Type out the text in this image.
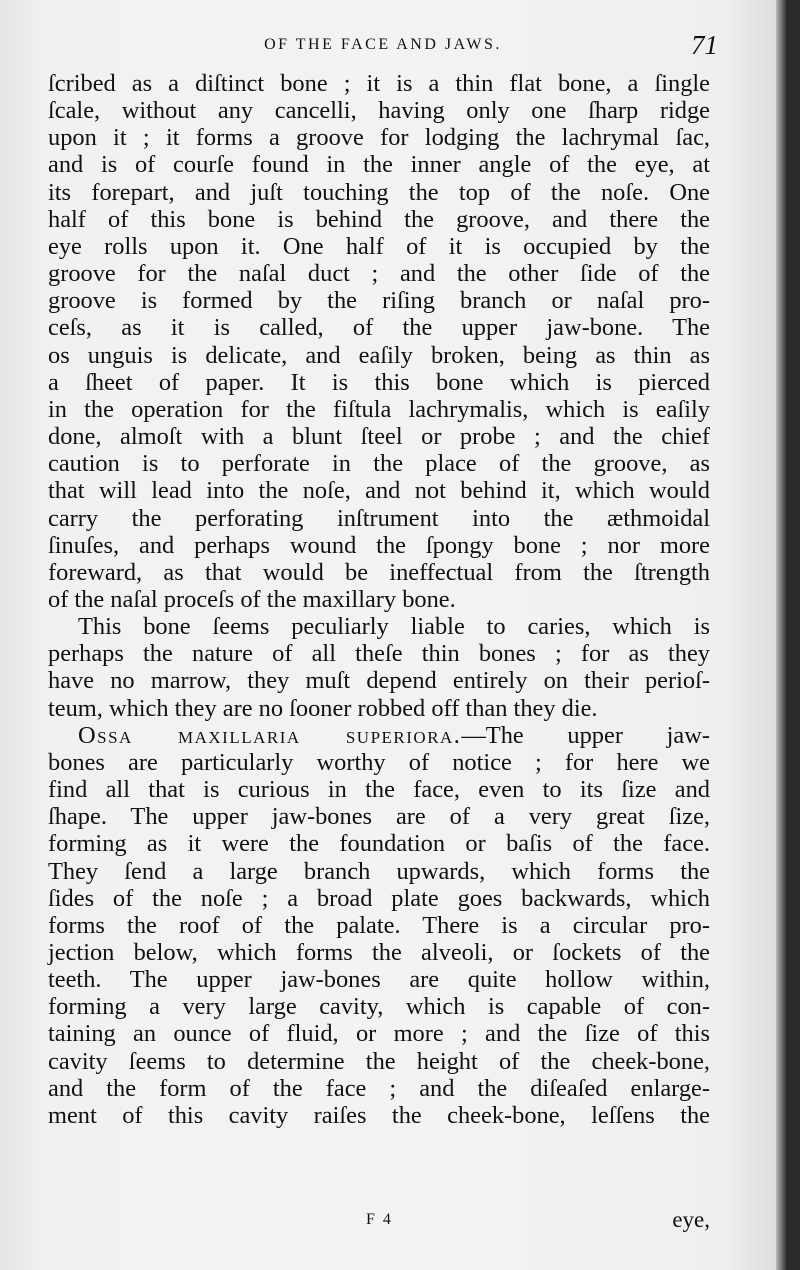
OF THE FACE AND JAWS.	71
ſcribed as a diſtinct bone ; it is a thin flat bone, a ſingle
ſcale, without any cancelli, having only one ſharp ridge
upon it ; it forms a groove for lodging the lachrymal ſac,
and is of courſe found in the inner angle of the eye, at
its forepart, and juſt touching the top of the noſe. One
half of this bone is behind the groove, and there the
eye rolls upon it. One half of it is occupied by the
groove for the naſal duct ; and the other ſide of the
groove is formed by the riſing branch or naſal pro-
ceſs, as it is called, of the upper jaw-bone. The
os unguis is delicate, and eaſily broken, being as thin as
a ſheet of paper. It is this bone which is pierced
in the operation for the fiſtula lachrymalis, which is eaſily
done, almoſt with a blunt ſteel or probe ; and the chief
caution is to perforate in the place of the groove, as
that will lead into the noſe, and not behind it, which would
carry the perforating inſtrument into the æthmoidal
ſinuſes, and perhaps wound the ſpongy bone ; nor more
foreward, as that would be ineffectual from the ſtrength
of the naſal proceſs of the maxillary bone.
This bone ſeems peculiarly liable to caries, which is
perhaps the nature of all theſe thin bones ; for as they
have no marrow, they muſt depend entirely on their perioſ-
teum, which they are no ſooner robbed off than they die.
Ossa maxillaria superiora.—The upper jaw-
bones are particularly worthy of notice ; for here we
find all that is curious in the face, even to its ſize and
ſhape. The upper jaw-bones are of a very great ſize,
forming as it were the foundation or baſis of the face.
They ſend a large branch upwards, which forms the
ſides of the noſe ; a broad plate goes backwards, which
forms the roof of the palate. There is a circular pro-
jection below, which forms the alveoli, or ſockets of the
teeth. The upper jaw-bones are quite hollow within,
forming a very large cavity, which is capable of con-
taining an ounce of fluid, or more ; and the ſize of this
cavity ſeems to determine the height of the cheek-bone,
and the form of the face ; and the diſeaſed enlarge-
ment of this cavity raiſes the cheek-bone, leſſens the
F 4	eye,
